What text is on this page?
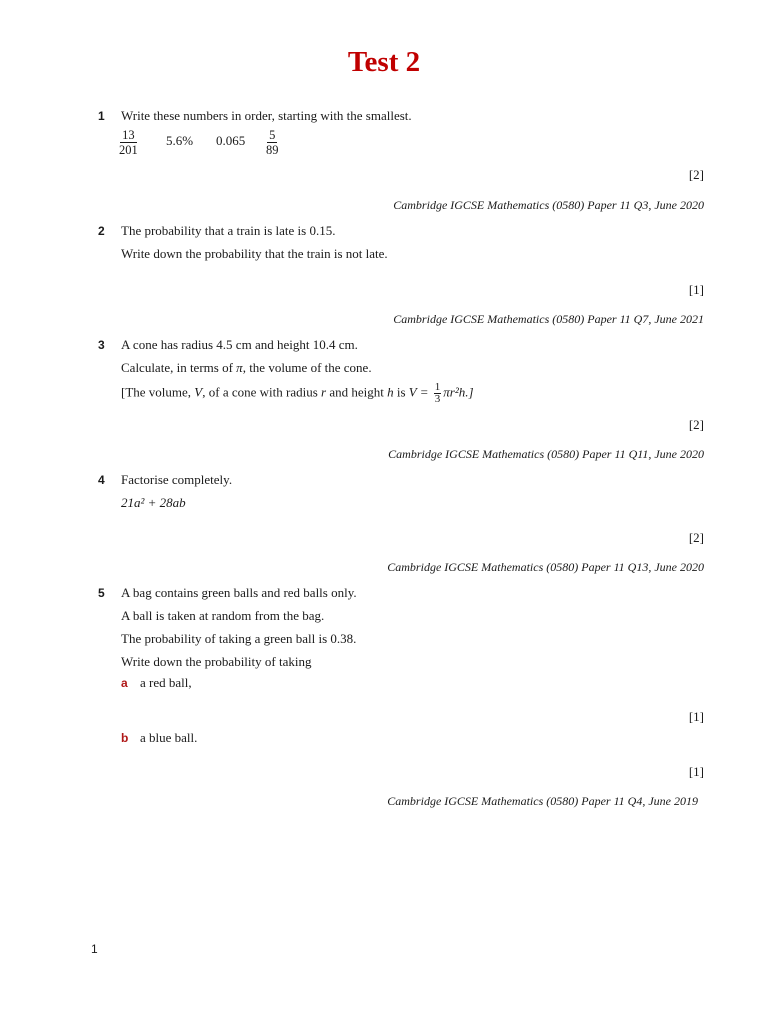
Test 2
1 Write these numbers in order, starting with the smallest.
$\frac{13}{201} 5.6\%$ $0.065 \frac{5}{89}$
[2]
Cambridge IGCSE Mathematics (0580) Paper 11 Q3, June 2020
2 The probability that a train is late is 0.15.
Write down the probability that the train is not late.
[1]
Cambridge IGCSE Mathematics (0580) Paper 11 Q7, June 2021
3 A cone has radius 4.5 cm and height 10.4 cm.
Calculate, in terms of π, the volume of the cone.
[The volume, V, of a cone with radius r and height h is $V = \frac{1}{3} \pi r^2h$.]
[2]
Cambridge IGCSE Mathematics (0580) Paper 11 Q11, June 2020
4 Factorise completely.
21a² + 28ab
[2]
Cambridge IGCSE Mathematics (0580) Paper 11 Q13, June 2020
5 A bag contains green balls and red balls only.
A ball is taken at random from the bag.
The probability of taking a green ball is 0.38.
Write down the probability of taking
a a red ball,
[1]
b a blue ball.
[1]
Cambridge IGCSE Mathematics (0580) Paper 11 Q4, June 2019
1
